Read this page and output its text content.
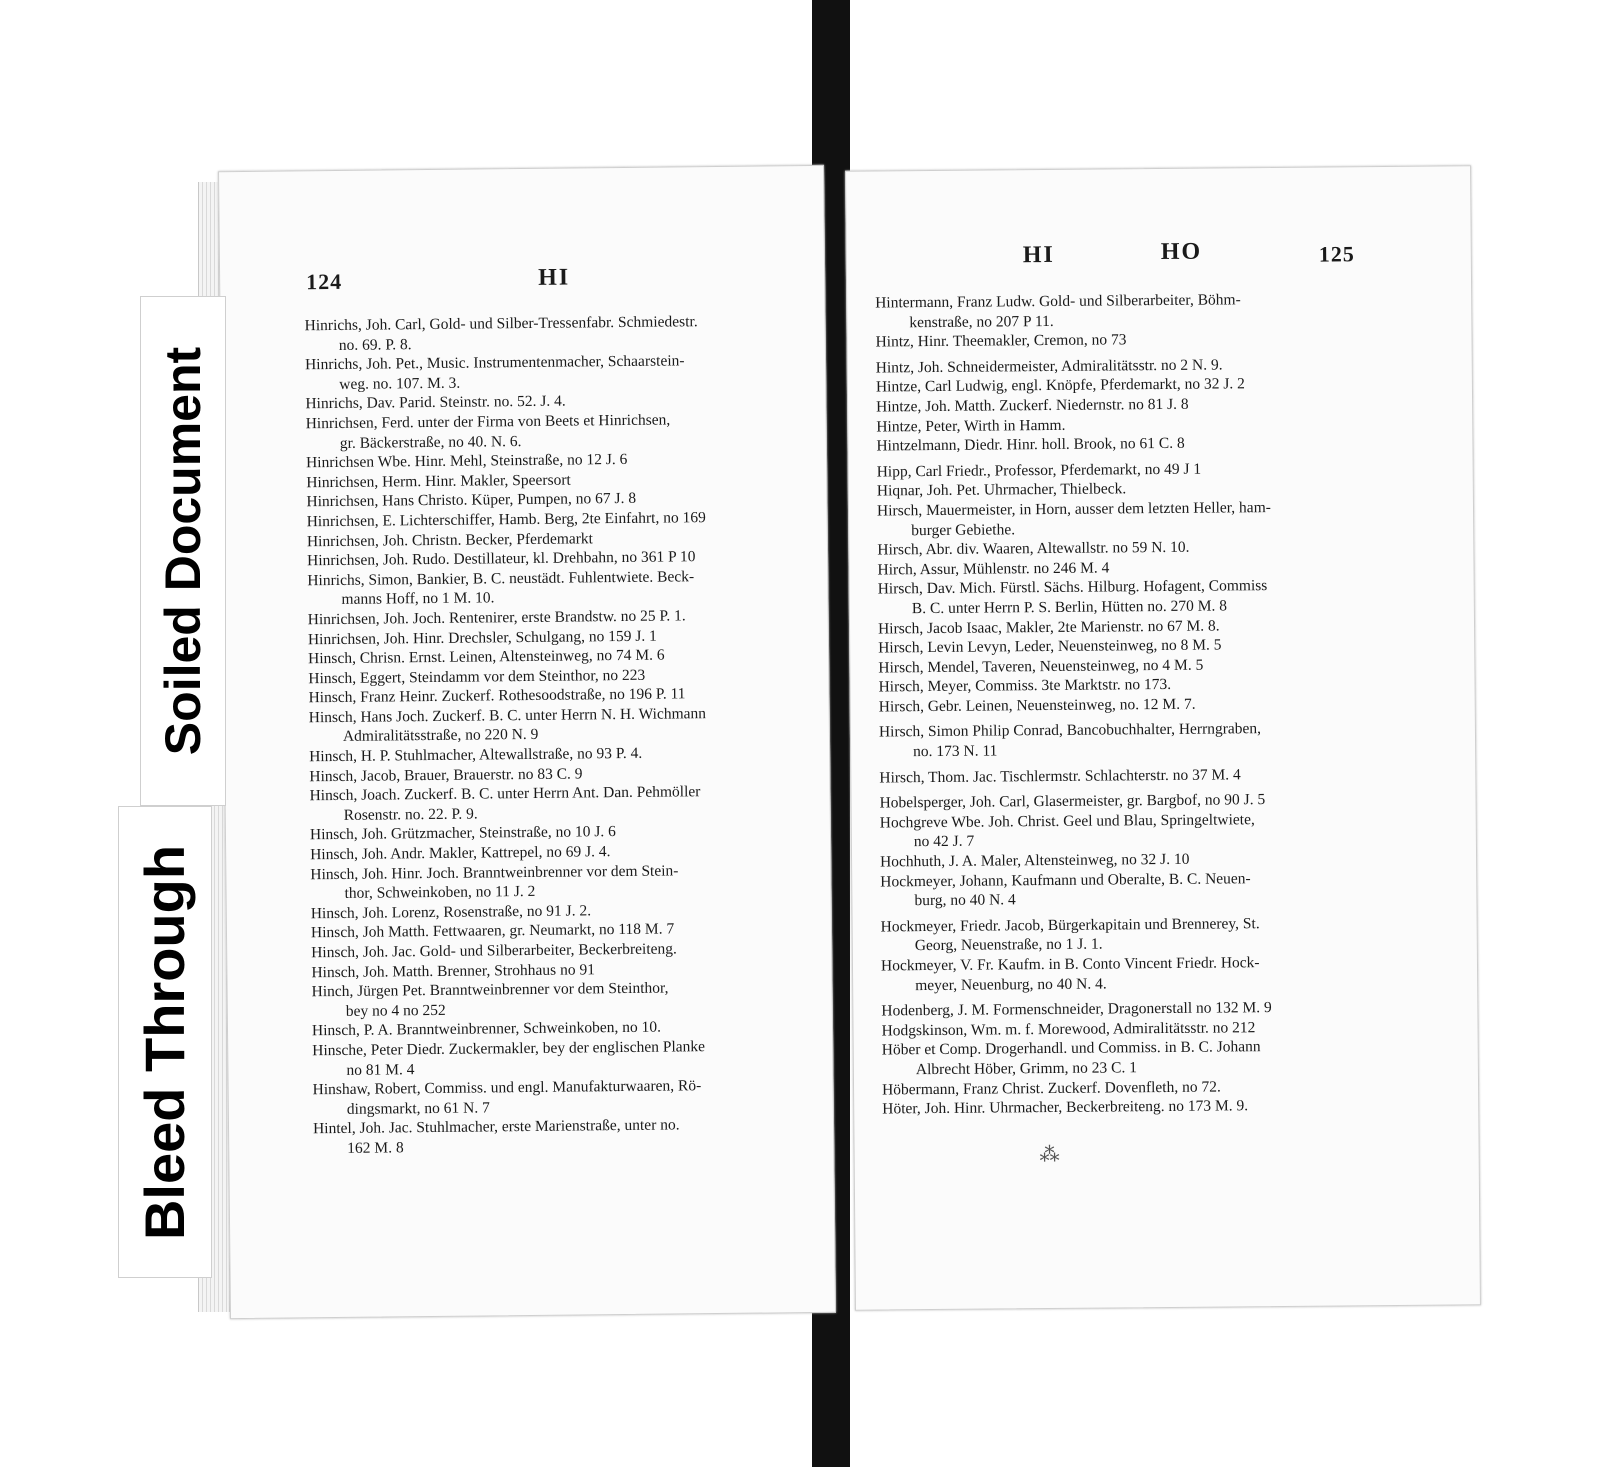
124	HI
Hinrichs, Joh. Carl, Gold- und Silber-Tressenfabr. Schmiedestr.
no. 69. P. 8.
Hinrichs, Joh. Pet., Music. Instrumentenmacher, Schaarstein-
weg. no. 107. M. 3.
Hinrichs, Dav. Parid. Steinstr. no. 52. J. 4.
Hinrichsen, Ferd. unter der Firma von Beets et Hinrichsen,
gr. Bäckerstraße, no 40. N. 6.
Hinrichsen Wbe. Hinr. Mehl, Steinstraße, no 12 J. 6
Hinrichsen, Herm. Hinr. Makler, Speersort
Hinrichsen, Hans Christo. Küper, Pumpen, no 67 J. 8
Hinrichsen, E. Lichterschiffer, Hamb. Berg, 2te Einfahrt, no 169
Hinrichsen, Joh. Christn. Becker, Pferdemarkt
Hinrichsen, Joh. Rudo. Destillateur, kl. Drehbahn, no 361 P 10
Hinrichs, Simon, Bankier, B. C. neustädt. Fuhlentwiete. Beck-
manns Hoff, no 1 M. 10.
Hinrichsen, Joh. Joch. Rentenirer, erste Brandstw. no 25 P. 1.
Hinrichsen, Joh. Hinr. Drechsler, Schulgang, no 159 J. 1
Hinsch, Chrisn. Ernst. Leinen, Altensteinweg, no 74 M. 6
Hinsch, Eggert, Steindamm vor dem Steinthor, no 223
Hinsch, Franz Heinr. Zuckerf. Rothesoodstraße, no 196 P. 11
Hinsch, Hans Joch. Zuckerf. B. C. unter Herrn N. H. Wichmann
Admiralitätsstraße, no 220 N. 9
Hinsch, H. P. Stuhlmacher, Altewallstraße, no 93 P. 4.
Hinsch, Jacob, Brauer, Brauerstr. no 83 C. 9
Hinsch, Joach. Zuckerf. B. C. unter Herrn Ant. Dan. Pehmöller
Rosenstr. no. 22. P. 9.
Hinsch, Joh. Grützmacher, Steinstraße, no 10 J. 6
Hinsch, Joh. Andr. Makler, Kattrepel, no 69 J. 4.
Hinsch, Joh. Hinr. Joch. Branntweinbrenner vor dem Stein-
thor, Schweinkoben, no 11 J. 2
Hinsch, Joh. Lorenz, Rosenstraße, no 91 J. 2.
Hinsch, Joh Matth. Fettwaaren, gr. Neumarkt, no 118 M. 7
Hinsch, Joh. Jac. Gold- und Silberarbeiter, Beckerbreiteng.
Hinsch, Joh. Matth. Brenner, Strohhaus no 91
Hinch, Jürgen Pet. Branntweinbrenner vor dem Steinthor,
bey no 4 no 252
Hinsch, P. A. Branntweinbrenner, Schweinkoben, no 10.
Hinsche, Peter Diedr. Zuckermakler, bey der englischen Planke
no 81 M. 4
Hinshaw, Robert, Commiss. und engl. Manufakturwaaren, Rö-
dingsmarkt, no 61 N. 7
Hintel, Joh. Jac. Stuhlmacher, erste Marienstraße, unter no.
162 M. 8
HI	HO	125
Hintermann, Franz Ludw. Gold- und Silberarbeiter, Böhm-
kenstraße, no 207 P 11.
Hintz, Hinr. Theemakler, Cremon, no 73
Hintz, Joh. Schneidermeister, Admiralitätsstr. no 2 N. 9.
Hintze, Carl Ludwig, engl. Knöpfe, Pferdemarkt, no 32 J. 2
Hintze, Joh. Matth. Zuckerf. Niedernstr. no 81 J. 8
Hintze, Peter, Wirth in Hamm.
Hintzelmann, Diedr. Hinr. holl. Brook, no 61 C. 8
Hipp, Carl Friedr., Professor, Pferdemarkt, no 49 J 1
Hiqnar, Joh. Pet. Uhrmacher, Thielbeck.
Hirsch, Mauermeister, in Horn, ausser dem letzten Heller, ham-
burger Gebiethe.
Hirsch, Abr. div. Waaren, Altewallstr. no 59 N. 10.
Hirch, Assur, Mühlenstr. no 246 M. 4
Hirsch, Dav. Mich. Fürstl. Sächs. Hilburg. Hofagent, Commiss
B. C. unter Herrn P. S. Berlin, Hütten no. 270 M. 8
Hirsch, Jacob Isaac, Makler, 2te Marienstr. no 67 M. 8.
Hirsch, Levin Levyn, Leder, Neuensteinweg, no 8 M. 5
Hirsch, Mendel, Taveren, Neuensteinweg, no 4 M. 5
Hirsch, Meyer, Commiss. 3te Marktstr. no 173.
Hirsch, Gebr. Leinen, Neuensteinweg, no. 12 M. 7.
Hirsch, Simon Philip Conrad, Bancobuchhalter, Herrngraben,
no. 173 N. 11
Hirsch, Thom. Jac. Tischlermstr. Schlachterstr. no 37 M. 4
Hobelsperger, Joh. Carl, Glasermeister, gr. Bargbof, no 90 J. 5
Hochgreve Wbe. Joh. Christ. Geel und Blau, Springeltwiete,
no 42 J. 7
Hochhuth, J. A. Maler, Altensteinweg, no 32 J. 10
Hockmeyer, Johann, Kaufmann und Oberalte, B. C. Neuen-
burg, no 40 N. 4
Hockmeyer, Friedr. Jacob, Bürgerkapitain und Brennerey, St.
Georg, Neuenstraße, no 1 J. 1.
Hockmeyer, V. Fr. Kaufm. in B. Conto Vincent Friedr. Hock-
meyer, Neuenburg, no 40 N. 4.
Hodenberg, J. M. Formenschneider, Dragonerstall no 132 M. 9
Hodgskinson, Wm. m. f. Morewood, Admiralitätsstr. no 212
Höber et Comp. Drogerhandl. und Commiss. in B. C. Johann
Albrecht Höber, Grimm, no 23 C. 1
Höbermann, Franz Christ. Zuckerf. Dovenfleth, no 72.
Höter, Joh. Hinr. Uhrmacher, Beckerbreiteng. no 173 M. 9.
⁂
Soiled Document
Bleed Through
